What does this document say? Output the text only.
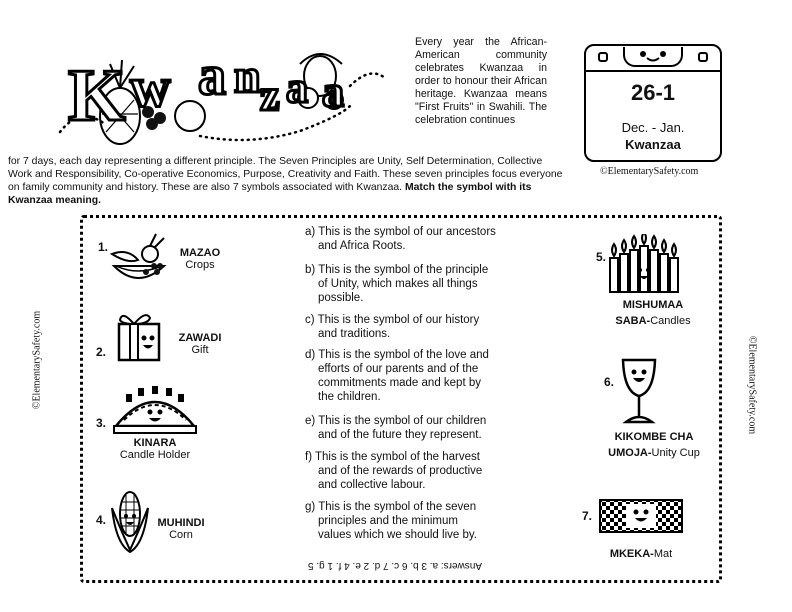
K w a n z a a
Every year the African-American community celebrates Kwanzaa in order to honour their African heritage. Kwanzaa means "First Fruits" in Swahili. The celebration continues
for 7 days, each day representing a different principle. The Seven Principles are Unity, Self Determination, Collective Work and Responsibility, Co-operative Economics, Purpose, Creativity and Faith. These seven principles focus everyone on family community and history. These are also 7 symbols associated with Kwanzaa. Match the symbol with its Kwanzaa meaning.
26-1
Dec. - Jan.
Kwanzaa
©ElementarySafety.com
©ElementarySafety.com	©ElementarySafety.com
1.	MAZAO
Crops
2.
ZAWADI
Gift
3.
KINARA
Candle Holder
4.	MUHINDI
Corn
a) This is the symbol of our ancestors
and Africa Roots.
b) This is the symbol of the principle
of Unity, which makes all things
possible.
c) This is the symbol of our history
and traditions.
d) This is the symbol of the love and
efforts of our parents and of the
commitments made and kept by
the children.
e) This is the symbol of our children
and of the future they represent.
f) This is the symbol of the harvest
and of the rewards of productive
and collective labour.
g) This is the symbol of the seven
principles and the minimum
values which we should live by.
Answers: a. 3 b. 6 c. 7 d. 2 e. 4 f. 1 g. 5
5.
MISHUMAA
SABA-Candles
6.
KIKOMBE CHA
UMOJA-Unity Cup
7.
MKEKA-Mat
